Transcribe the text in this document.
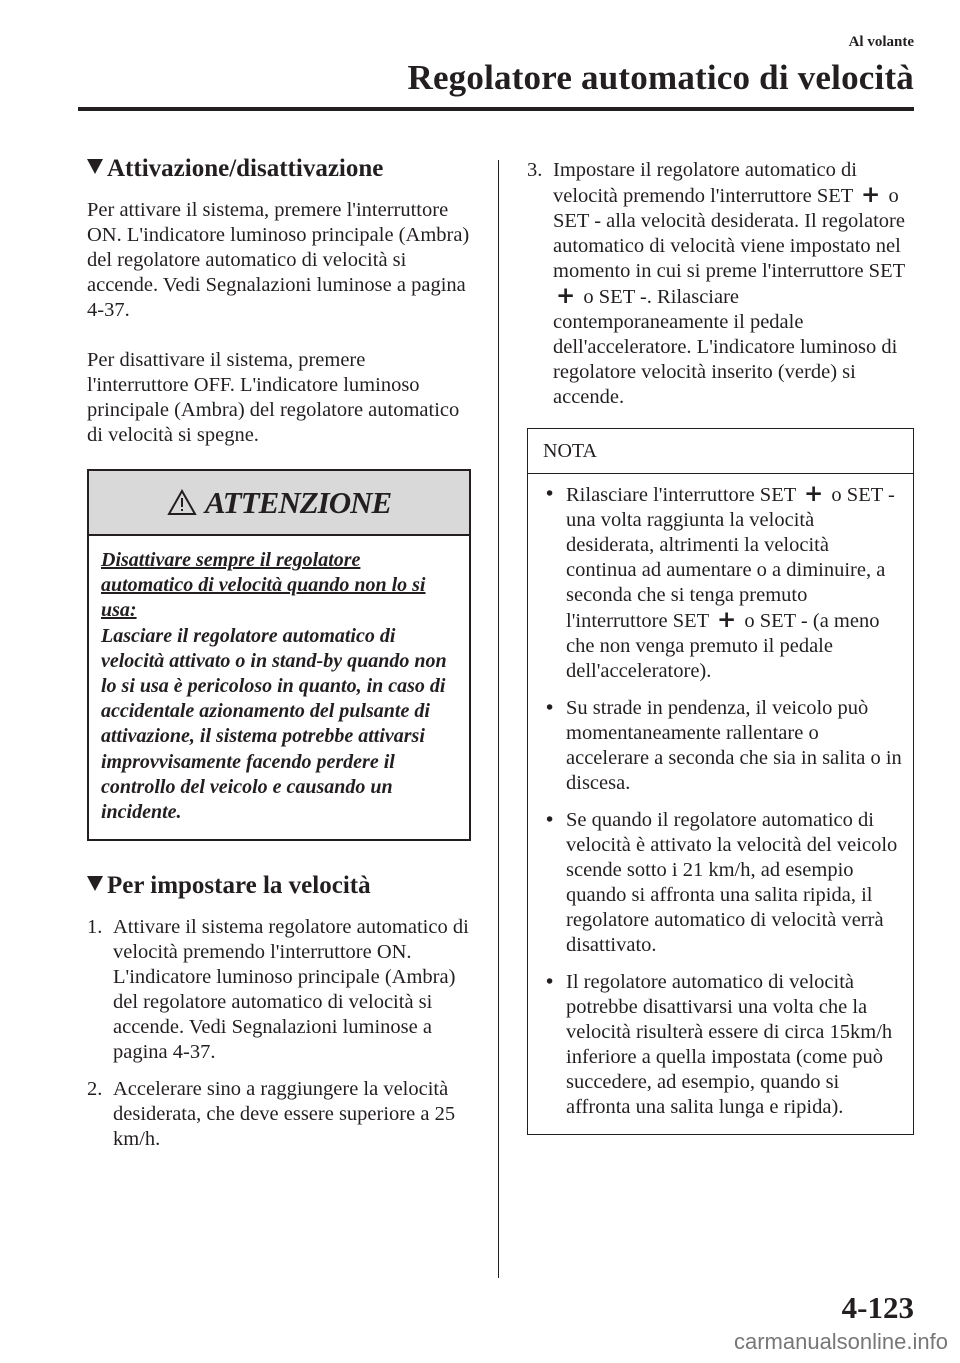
Al volante
Regolatore automatico di velocità
Attivazione/disattivazione

Per attivare il sistema, premere l'interruttore ON. L'indicatore luminoso principale (Ambra) del regolatore automatico di velocità si accende. Vedi Segnalazioni luminose a pagina 4-37.

Per disattivare il sistema, premere l'interruttore OFF. L'indicatore luminoso principale (Ambra) del regolatore automatico di velocità si spegne.

ATTENZIONE
Disattivare sempre il regolatore automatico di velocità quando non lo si usa:
Lasciare il regolatore automatico di velocità attivato o in stand-by quando non lo si usa è pericoloso in quanto, in caso di accidentale azionamento del pulsante di attivazione, il sistema potrebbe attivarsi improvvisamente facendo perdere il controllo del veicolo e causando un incidente.
Per impostare la velocità
1. Attivare il sistema regolatore automatico di velocità premendo l'interruttore ON. L'indicatore luminoso principale (Ambra) del regolatore automatico di velocità si accende. Vedi Segnalazioni luminose a pagina 4-37.
2. Accelerare sino a raggiungere la velocità desiderata, che deve essere superiore a 25 km/h.
3. Impostare il regolatore automatico di velocità premendo l'interruttore SET + o SET - alla velocità desiderata. Il regolatore automatico di velocità viene impostato nel momento in cui si preme l'interruttore SET + o SET -. Rilasciare contemporaneamente il pedale dell'acceleratore. L'indicatore luminoso di regolatore velocità inserito (verde) si accende.
NOTA
• Rilasciare l'interruttore SET + o SET - una volta raggiunta la velocità desiderata, altrimenti la velocità continua ad aumentare o a diminuire, a seconda che si tenga premuto l'interruttore SET + o SET - (a meno che non venga premuto il pedale dell'acceleratore).
• Su strade in pendenza, il veicolo può momentaneamente rallentare o accelerare a seconda che sia in salita o in discesa.
• Se quando il regolatore automatico di velocità è attivato la velocità del veicolo scende sotto i 21 km/h, ad esempio quando si affronta una salita ripida, il regolatore automatico di velocità verrà disattivato.
• Il regolatore automatico di velocità potrebbe disattivarsi una volta che la velocità risulterà essere di circa 15km/h inferiore a quella impostata (come può succedere, ad esempio, quando si affronta una salita lunga e ripida).
4-123
carmanualsonline.info
